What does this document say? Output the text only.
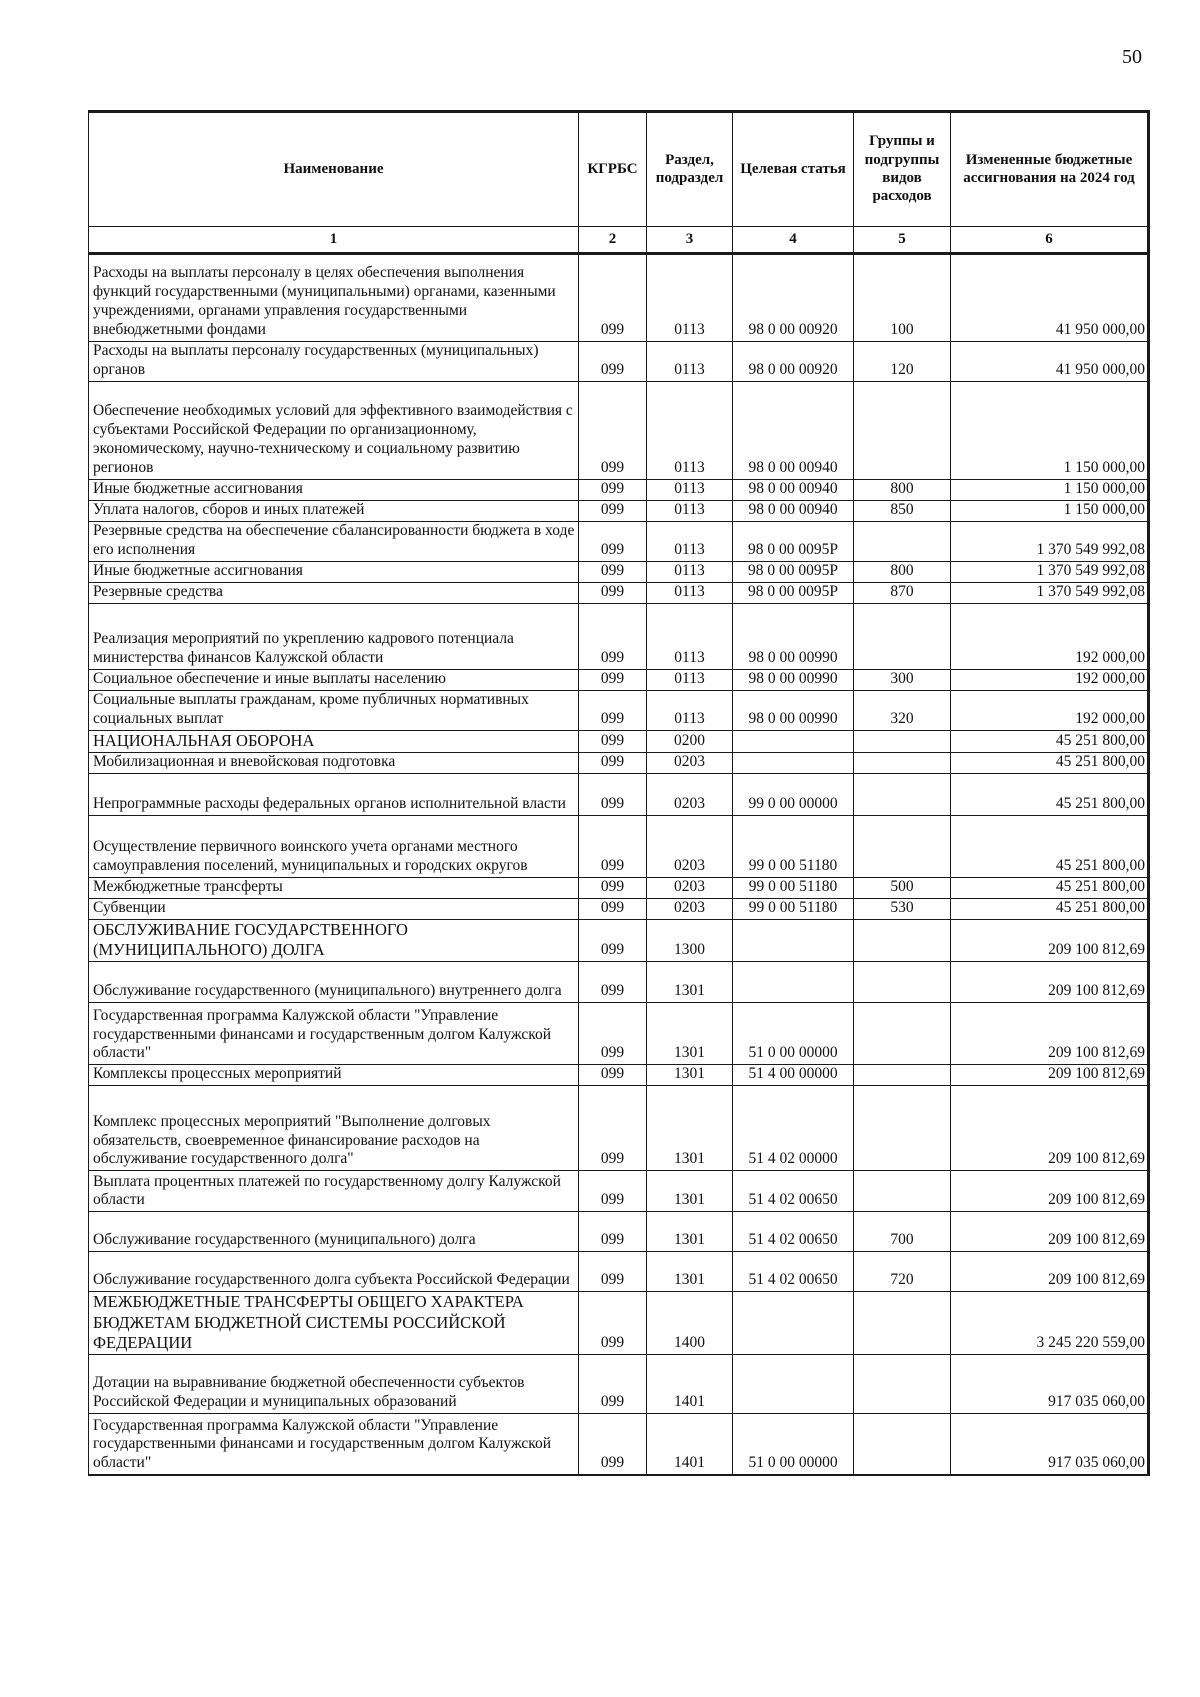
50
Наименование	КГРБС	Раздел, подраздел	Целевая статья	Группы и подгруппы видов расходов	Измененные бюджетные ассигнования на 2024 год
1	2	3	4	5	6
Расходы на выплаты персоналу в целях обеспечения выполнения функций государственными (муниципальными) органами, казенными учреждениями, органами управления государственными внебюджетными фондами	099	0113	98 0 00 00920	100	41 950 000,00
Расходы на выплаты персоналу государственных (муниципальных) органов	099	0113	98 0 00 00920	120	41 950 000,00
Обеспечение необходимых условий для эффективного взаимодействия с субъектами Российской Федерации по организационному, экономическому, научно-техническому и социальному развитию регионов	099	0113	98 0 00 00940		1 150 000,00
Иные бюджетные ассигнования	099	0113	98 0 00 00940	800	1 150 000,00
Уплата налогов, сборов и иных платежей	099	0113	98 0 00 00940	850	1 150 000,00
Резервные средства на обеспечение сбалансированности бюджета в ходе его исполнения	099	0113	98 0 00 0095P		1 370 549 992,08
Иные бюджетные ассигнования	099	0113	98 0 00 0095P	800	1 370 549 992,08
Резервные средства	099	0113	98 0 00 0095P	870	1 370 549 992,08
Реализация мероприятий по укреплению кадрового потенциала министерства финансов Калужской области	099	0113	98 0 00 00990		192 000,00
Социальное обеспечение и иные выплаты населению	099	0113	98 0 00 00990	300	192 000,00
Социальные выплаты гражданам, кроме публичных нормативных социальных выплат	099	0113	98 0 00 00990	320	192 000,00
НАЦИОНАЛЬНАЯ ОБОРОНА	099	0200			45 251 800,00
Мобилизационная и вневойсковая подготовка	099	0203			45 251 800,00
Непрограммные расходы федеральных органов исполнительной власти	099	0203	99 0 00 00000		45 251 800,00
Осуществление первичного воинского учета органами местного самоуправления поселений, муниципальных и городских округов	099	0203	99 0 00 51180		45 251 800,00
Межбюджетные трансферты	099	0203	99 0 00 51180	500	45 251 800,00
Субвенции	099	0203	99 0 00 51180	530	45 251 800,00
ОБСЛУЖИВАНИЕ ГОСУДАРСТВЕННОГО (МУНИЦИПАЛЬНОГО) ДОЛГА	099	1300			209 100 812,69
Обслуживание государственного (муниципального) внутреннего долга	099	1301			209 100 812,69
Государственная программа Калужской области "Управление государственными финансами и государственным долгом Калужской области"	099	1301	51 0 00 00000		209 100 812,69
Комплексы процессных мероприятий	099	1301	51 4 00 00000		209 100 812,69
Комплекс процессных мероприятий "Выполнение долговых обязательств, своевременное финансирование расходов на обслуживание государственного долга"	099	1301	51 4 02 00000		209 100 812,69
Выплата процентных платежей по государственному долгу Калужской области	099	1301	51 4 02 00650		209 100 812,69
Обслуживание государственного (муниципального) долга	099	1301	51 4 02 00650	700	209 100 812,69
Обслуживание государственного долга субъекта Российской Федерации	099	1301	51 4 02 00650	720	209 100 812,69
МЕЖБЮДЖЕТНЫЕ ТРАНСФЕРТЫ ОБЩЕГО ХАРАКТЕРА БЮДЖЕТАМ БЮДЖЕТНОЙ СИСТЕМЫ РОССИЙСКОЙ ФЕДЕРАЦИИ	099	1400			3 245 220 559,00
Дотации на выравнивание бюджетной обеспеченности субъектов Российской Федерации и муниципальных образований	099	1401			917 035 060,00
Государственная программа Калужской области "Управление государственными финансами и государственным долгом Калужской области"	099	1401	51 0 00 00000		917 035 060,00
